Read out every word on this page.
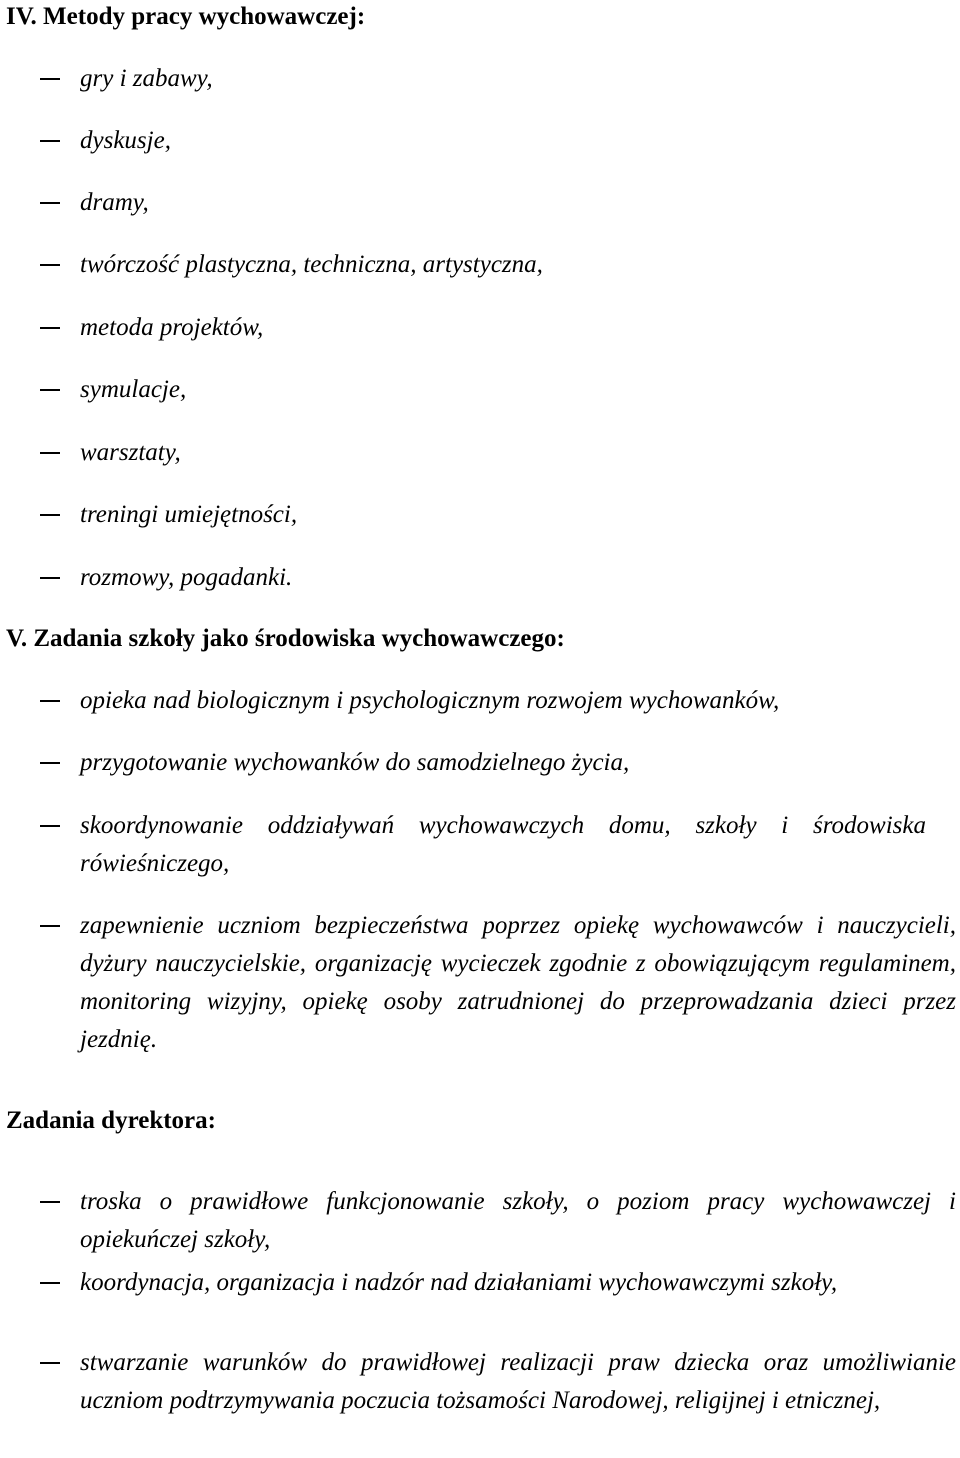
IV. Metody pracy wychowawczej:
gry i zabawy,
dyskusje,
dramy,
twórczość plastyczna, techniczna, artystyczna,
metoda projektów,
symulacje,
warsztaty,
treningi umiejętności,
rozmowy, pogadanki.
V. Zadania szkoły jako środowiska wychowawczego:
opieka nad biologicznym i psychologicznym rozwojem wychowanków,
przygotowanie wychowanków do samodzielnego życia,
skoordynowanie oddziaływań wychowawczych domu, szkoły i środowiska rówieśniczego,
zapewnienie uczniom bezpieczeństwa poprzez opiekę wychowawców i nauczycieli, dyżury nauczycielskie, organizację wycieczek zgodnie z obowiązującym regulaminem, monitoring wizyjny, opiekę osoby zatrudnionej do przeprowadzania dzieci przez jezdnię.
Zadania dyrektora:
troska o prawidłowe funkcjonowanie szkoły, o poziom pracy wychowawczej i opiekuńczej szkoły,
koordynacja, organizacja i nadzór nad działaniami wychowawczymi szkoły,
stwarzanie warunków do prawidłowej realizacji praw dziecka oraz umożliwianie uczniom podtrzymywania poczucia tożsamości Narodowej, religijnej i etnicznej,
